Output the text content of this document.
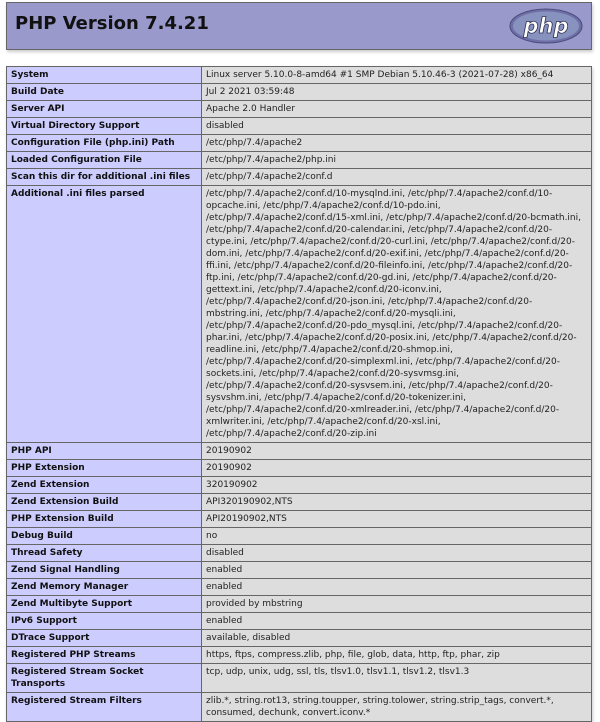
PHP Version 7.4.21	php
System	Linux server 5.10.0-8-amd64 #1 SMP Debian 5.10.46-3 (2021-07-28) x86_64
Build Date	Jul 2 2021 03:59:48
Server API	Apache 2.0 Handler
Virtual Directory Support	disabled
Configuration File (php.ini) Path	/etc/php/7.4/apache2
Loaded Configuration File	/etc/php/7.4/apache2/php.ini
Scan this dir for additional .ini files	/etc/php/7.4/apache2/conf.d
Additional .ini files parsed	/etc/php/7.4/apache2/conf.d/10-mysqlnd.ini, /etc/php/7.4/apache2/conf.d/10-opcache.ini, /etc/php/7.4/apache2/conf.d/10-pdo.ini, /etc/php/7.4/apache2/conf.d/15-xml.ini, /etc/php/7.4/apache2/conf.d/20-bcmath.ini, /etc/php/7.4/apache2/conf.d/20-calendar.ini, /etc/php/7.4/apache2/conf.d/20-ctype.ini, /etc/php/7.4/apache2/conf.d/20-curl.ini, /etc/php/7.4/apache2/conf.d/20-dom.ini, /etc/php/7.4/apache2/conf.d/20-exif.ini, /etc/php/7.4/apache2/conf.d/20-ffi.ini, /etc/php/7.4/apache2/conf.d/20-fileinfo.ini, /etc/php/7.4/apache2/conf.d/20-ftp.ini, /etc/php/7.4/apache2/conf.d/20-gd.ini, /etc/php/7.4/apache2/conf.d/20-gettext.ini, /etc/php/7.4/apache2/conf.d/20-iconv.ini, /etc/php/7.4/apache2/conf.d/20-json.ini, /etc/php/7.4/apache2/conf.d/20-mbstring.ini, /etc/php/7.4/apache2/conf.d/20-mysqli.ini, /etc/php/7.4/apache2/conf.d/20-pdo_mysql.ini, /etc/php/7.4/apache2/conf.d/20-phar.ini, /etc/php/7.4/apache2/conf.d/20-posix.ini, /etc/php/7.4/apache2/conf.d/20-readline.ini, /etc/php/7.4/apache2/conf.d/20-shmop.ini, /etc/php/7.4/apache2/conf.d/20-simplexml.ini, /etc/php/7.4/apache2/conf.d/20-sockets.ini, /etc/php/7.4/apache2/conf.d/20-sysvmsg.ini, /etc/php/7.4/apache2/conf.d/20-sysvsem.ini, /etc/php/7.4/apache2/conf.d/20-sysvshm.ini, /etc/php/7.4/apache2/conf.d/20-tokenizer.ini, /etc/php/7.4/apache2/conf.d/20-xmlreader.ini, /etc/php/7.4/apache2/conf.d/20-xmlwriter.ini, /etc/php/7.4/apache2/conf.d/20-xsl.ini, /etc/php/7.4/apache2/conf.d/20-zip.ini
PHP API	20190902
PHP Extension	20190902
Zend Extension	320190902
Zend Extension Build	API320190902,NTS
PHP Extension Build	API20190902,NTS
Debug Build	no
Thread Safety	disabled
Zend Signal Handling	enabled
Zend Memory Manager	enabled
Zend Multibyte Support	provided by mbstring
IPv6 Support	enabled
DTrace Support	available, disabled
Registered PHP Streams	https, ftps, compress.zlib, php, file, glob, data, http, ftp, phar, zip
Registered Stream Socket Transports	tcp, udp, unix, udg, ssl, tls, tlsv1.0, tlsv1.1, tlsv1.2, tlsv1.3
Registered Stream Filters	zlib.*, string.rot13, string.toupper, string.tolower, string.strip_tags, convert.*, consumed, dechunk, convert.iconv.*
